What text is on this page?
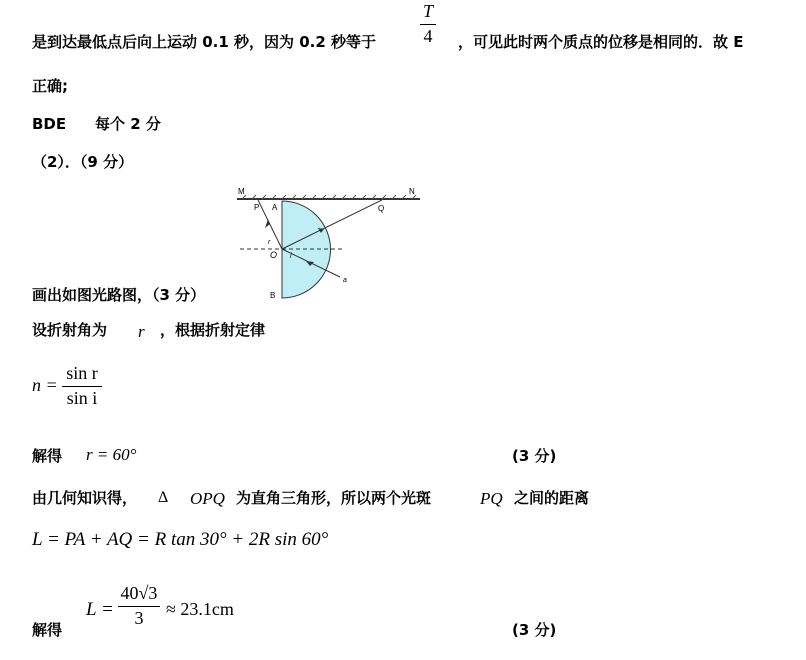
是到达最低点后向上运动 0.1 秒，因为 0.2 秒等于
T
4 ，可见此时两个质点的位移是相同的．故 E
正确;
BDE 每个 2 分
（2）．（9 分）
M	N
P A	Q
O
B
i
r
a
画出如图光路图，（3 分）
设折射角为 r ，根据折射定律
n =
sin r
sin i
解得 r = 60°	(3 分)
由几何知识得， Δ OPQ 为直角三角形，所以两个光斑	PQ 之间的距离
L = PA + AQ = R tan 30° + 2R sin 60°
L =
40√3
3 ≈ 23.1cm
解得	(3 分)
